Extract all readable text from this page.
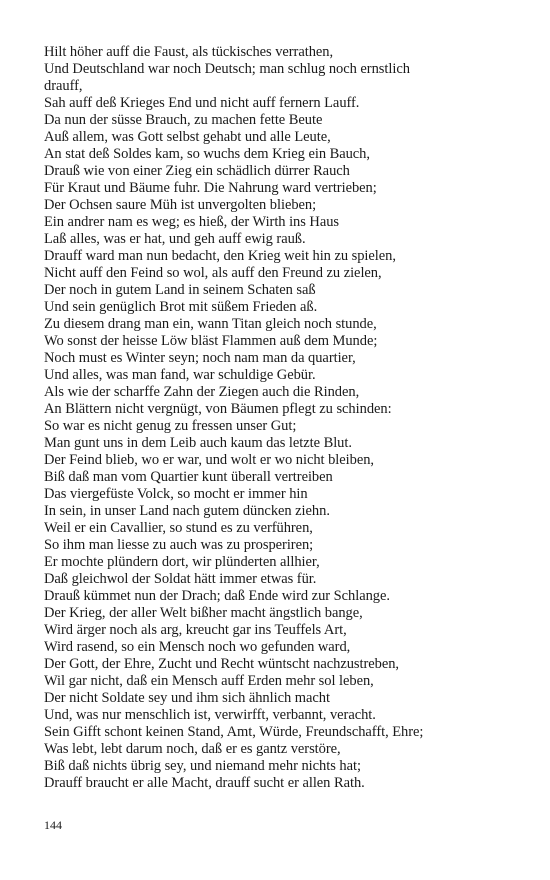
Hilt höher auff die Faust, als tückisches verrathen,
Und Deutschland war noch Deutsch; man schlug noch ernstlich drauff,
Sah auff deß Krieges End und nicht auff fernern Lauff.
Da nun der süsse Brauch, zu machen fette Beute
Auß allem, was Gott selbst gehabt und alle Leute,
An stat deß Soldes kam, so wuchs dem Krieg ein Bauch,
Drauß wie von einer Zieg ein schädlich dürrer Rauch
Für Kraut und Bäume fuhr. Die Nahrung ward vertrieben;
Der Ochsen saure Müh ist unvergolten blieben;
Ein andrer nam es weg; es hieß, der Wirth ins Haus
Laß alles, was er hat, und geh auff ewig rauß.
Drauff ward man nun bedacht, den Krieg weit hin zu spielen,
Nicht auff den Feind so wol, als auff den Freund zu zielen,
Der noch in gutem Land in seinem Schaten saß
Und sein genüglich Brot mit süßem Frieden aß.
Zu diesem drang man ein, wann Titan gleich noch stunde,
Wo sonst der heisse Löw bläst Flammen auß dem Munde;
Noch must es Winter seyn; noch nam man da quartier,
Und alles, was man fand, war schuldige Gebür.
Als wie der scharffe Zahn der Ziegen auch die Rinden,
An Blättern nicht vergnügt, von Bäumen pflegt zu schinden:
So war es nicht genug zu fressen unser Gut;
Man gunt uns in dem Leib auch kaum das letzte Blut.
Der Feind blieb, wo er war, und wolt er wo nicht bleiben,
Biß daß man vom Quartier kunt überall vertreiben
Das viergefüste Volck, so mocht er immer hin
In sein, in unser Land nach gutem düncken ziehn.
Weil er ein Cavallier, so stund es zu verführen,
So ihm man liesse zu auch was zu prosperiren;
Er mochte plündern dort, wir plünderten allhier,
Daß gleichwol der Soldat hätt immer etwas für.
Drauß kümmet nun der Drach; daß Ende wird zur Schlange.
Der Krieg, der aller Welt bißher macht ängstlich bange,
Wird ärger noch als arg, kreucht gar ins Teuffels Art,
Wird rasend, so ein Mensch noch wo gefunden ward,
Der Gott, der Ehre, Zucht und Recht wüntscht nachzustreben,
Wil gar nicht, daß ein Mensch auff Erden mehr sol leben,
Der nicht Soldate sey und ihm sich ähnlich macht
Und, was nur menschlich ist, verwirfft, verbannt, veracht.
Sein Gifft schont keinen Stand, Amt, Würde, Freundschafft, Ehre;
Was lebt, lebt darum noch, daß er es gantz verstöre,
Biß daß nichts übrig sey, und niemand mehr nichts hat;
Drauff braucht er alle Macht, drauff sucht er allen Rath.
144
